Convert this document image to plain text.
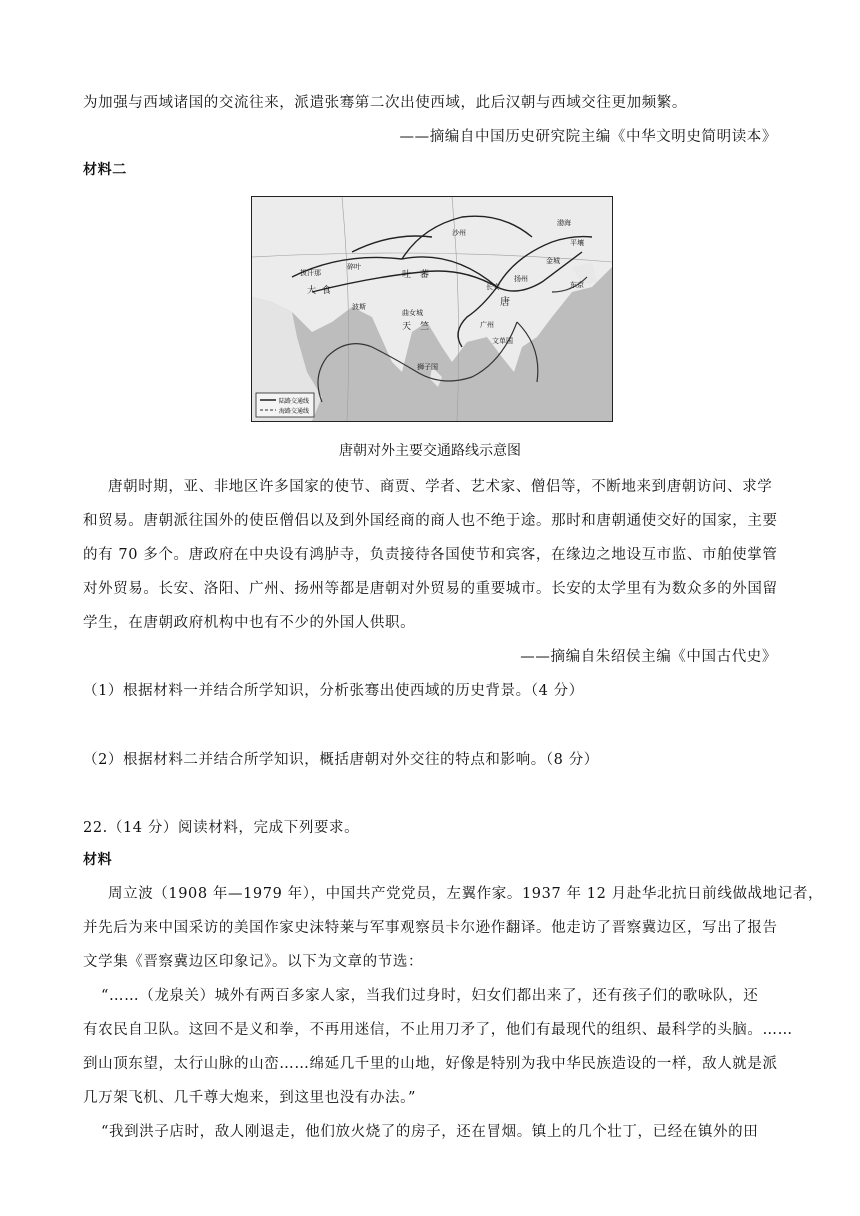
为加强与西域诸国的交流往来，派遣张骞第二次出使西域，此后汉朝与西域交往更加频繁。
——摘编自中国历史研究院主编《中华文明史简明读本》
材料二
拔汗那
大 食
碎叶
吐 蕃
沙州
长安
唐
扬州
渤海
平壤
金城
东京
曲女城
天 竺	广州
文单国
狮子国
波斯
陆路交通线
海路交通线
唐朝对外主要交通路线示意图
唐朝时期，亚、非地区许多国家的使节、商贾、学者、艺术家、僧侣等，不断地来到唐朝访问、求学
和贸易。唐朝派往国外的使臣僧侣以及到外国经商的商人也不绝于途。那时和唐朝通使交好的国家，主要
的有 70 多个。唐政府在中央设有鸿胪寺，负责接待各国使节和宾客，在缘边之地设互市监、市舶使掌管
对外贸易。长安、洛阳、广州、扬州等都是唐朝对外贸易的重要城市。长安的太学里有为数众多的外国留
学生，在唐朝政府机构中也有不少的外国人供职。
——摘编自朱绍侯主编《中国古代史》
（1）根据材料一并结合所学知识，分析张骞出使西域的历史背景。（4 分）
（2）根据材料二并结合所学知识，概括唐朝对外交往的特点和影响。（8 分）
22.（14 分）阅读材料，完成下列要求。
材料
周立波（1908 年—1979 年），中国共产党党员，左翼作家。1937 年 12 月赴华北抗日前线做战地记者，
并先后为来中国采访的美国作家史沫特莱与军事观察员卡尔逊作翻译。他走访了晋察冀边区，写出了报告
文学集《晋察冀边区印象记》。以下为文章的节选：
“……（龙泉关）城外有两百多家人家，当我们过身时，妇女们都出来了，还有孩子们的歌咏队，还
有农民自卫队。这回不是义和拳，不再用迷信，不止用刀矛了，他们有最现代的组织、最科学的头脑。……
到山顶东望，太行山脉的山峦……绵延几千里的山地，好像是特别为我中华民族造设的一样，敌人就是派
几万架飞机、几千尊大炮来，到这里也没有办法。”
“我到洪子店时，敌人刚退走，他们放火烧了的房子，还在冒烟。镇上的几个壮丁，已经在镇外的田
